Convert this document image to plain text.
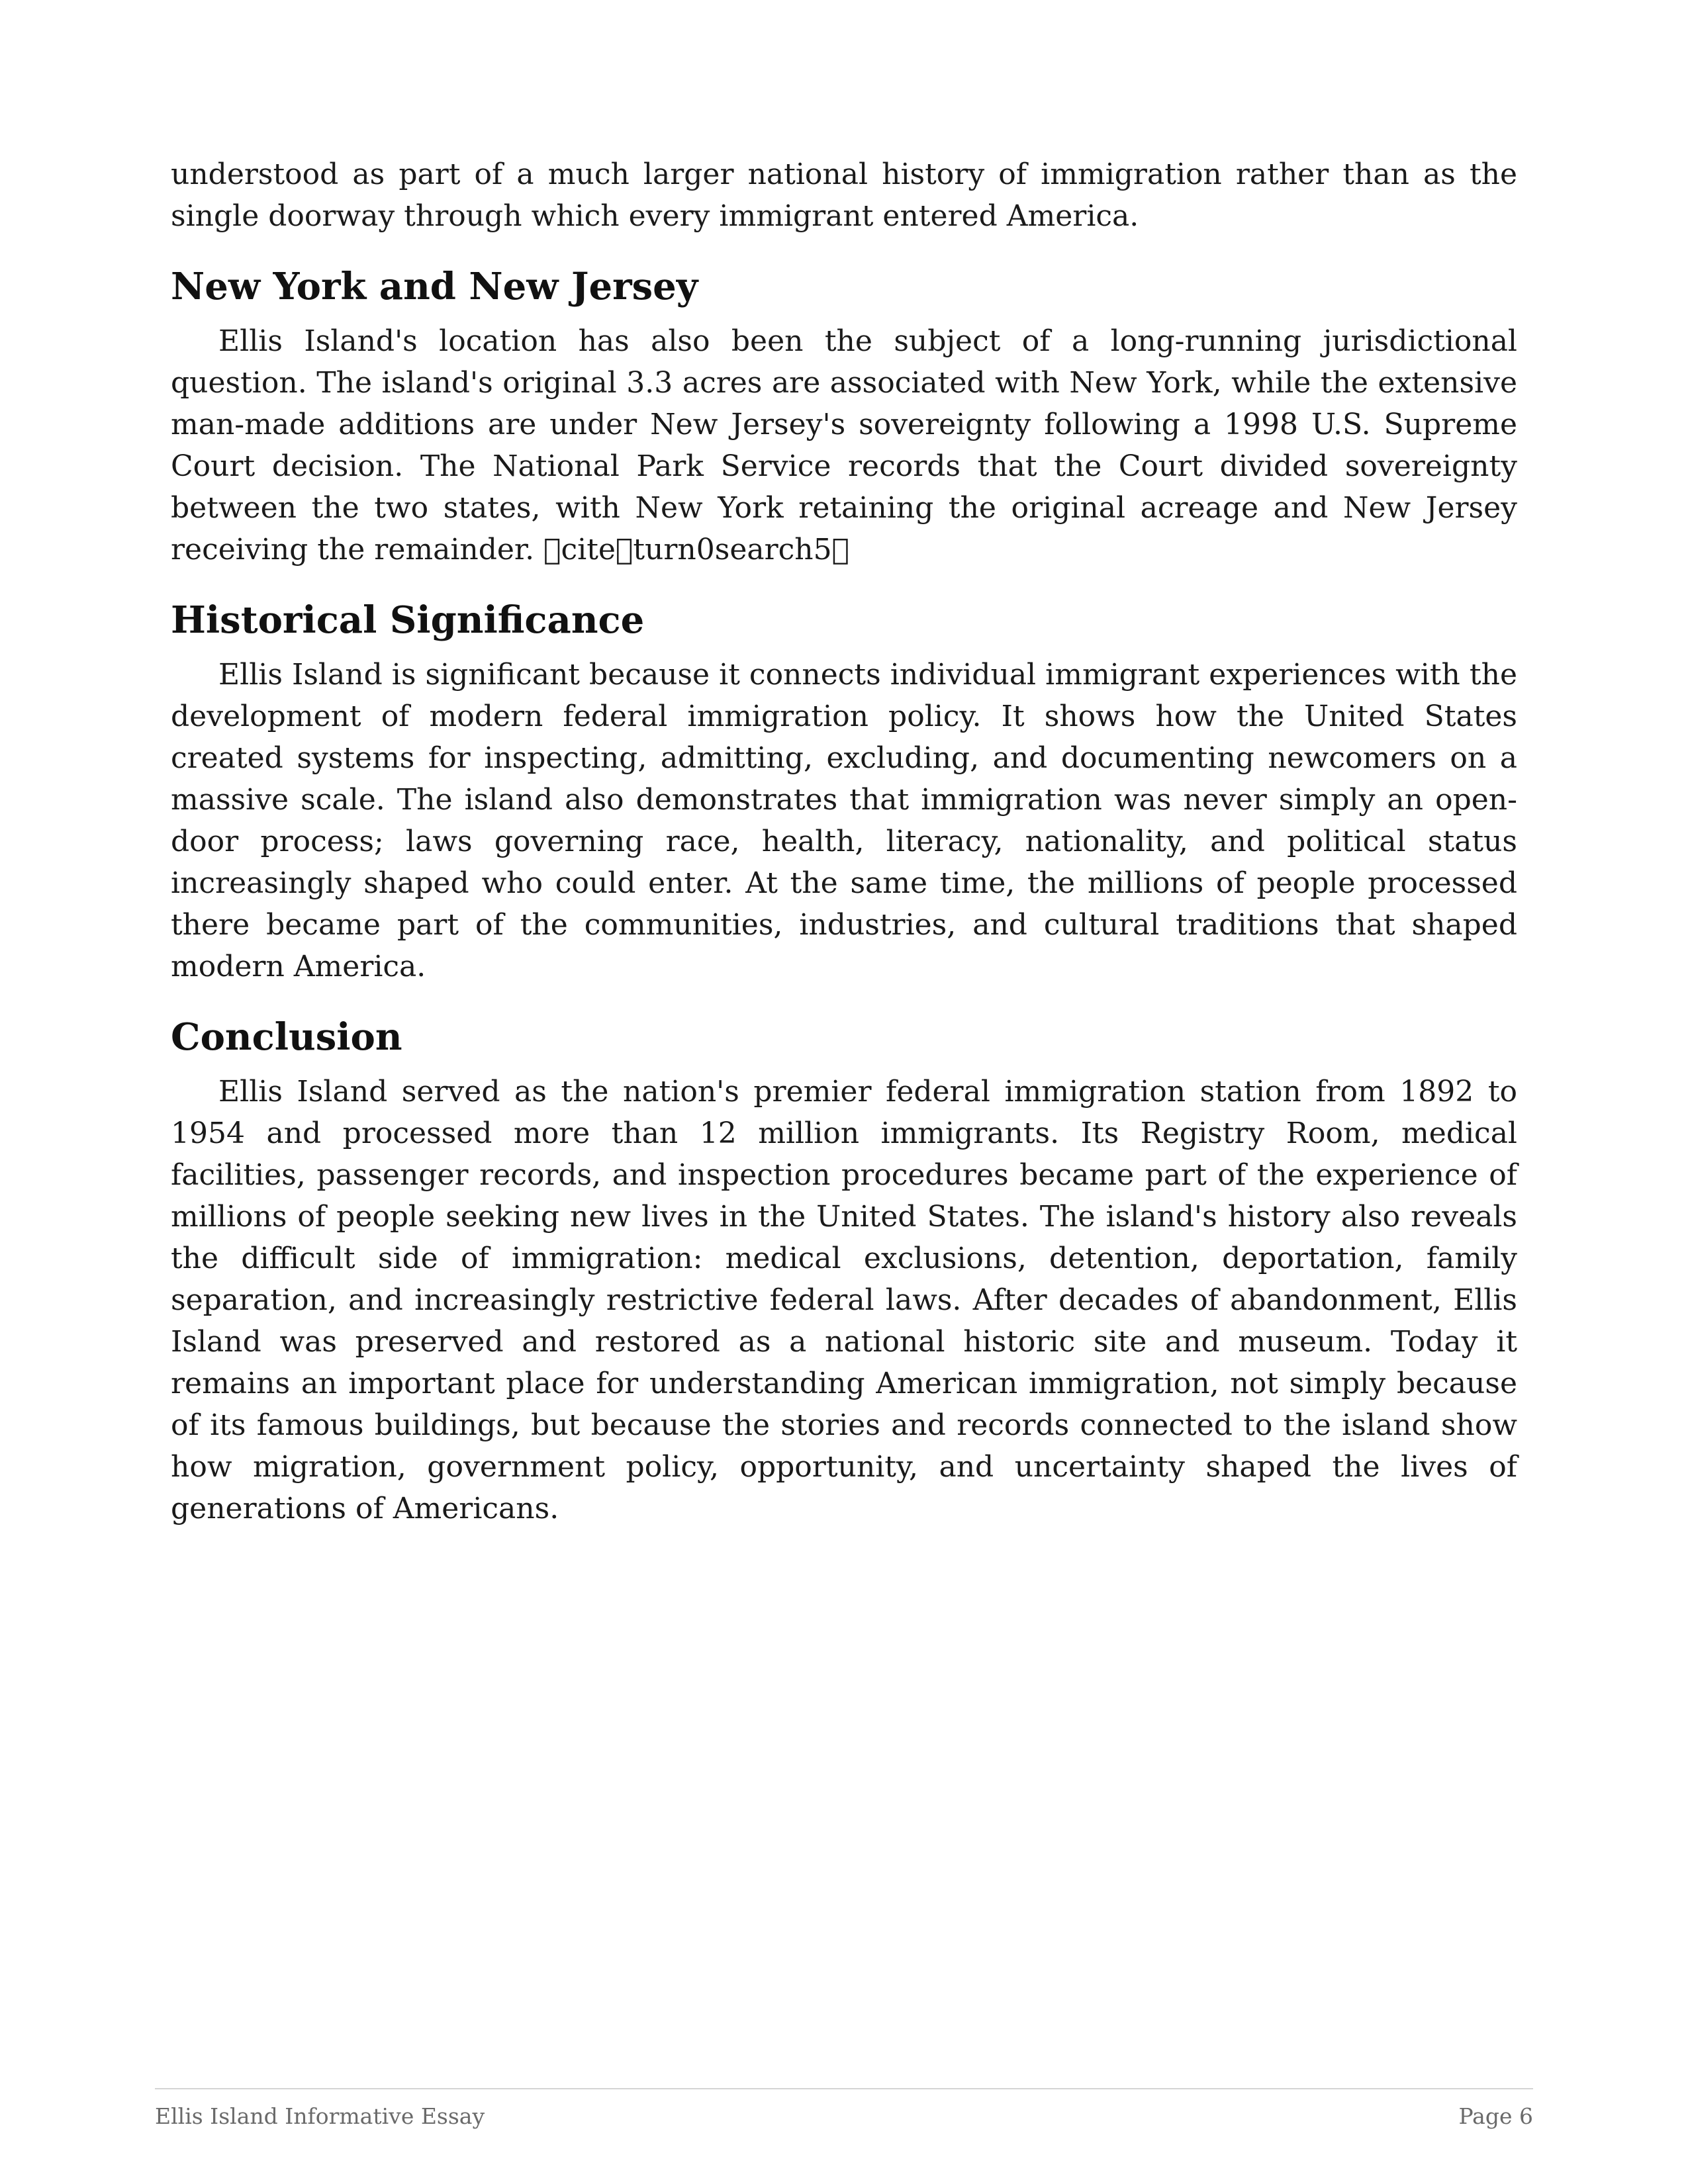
understood as part of a much larger national history of immigration rather than as the single doorway through which every immigrant entered America.

New York and New Jersey

Ellis Island's location has also been the subject of a long-running jurisdictional question. The island's original 3.3 acres are associated with New York, while the extensive man-made additions are under New Jersey's sovereignty following a 1998 U.S. Supreme Court decision. The National Park Service records that the Court divided sovereignty between the two states, with New York retaining the original acreage and New Jersey receiving the remainder. cite turn0search5

Historical Significance

Ellis Island is significant because it connects individual immigrant experiences with the development of modern federal immigration policy. It shows how the United States created systems for inspecting, admitting, excluding, and documenting newcomers on a massive scale. The island also demonstrates that immigration was never simply an open-door process; laws governing race, health, literacy, nationality, and political status increasingly shaped who could enter. At the same time, the millions of people processed there became part of the communities, industries, and cultural traditions that shaped modern America.

Conclusion

Ellis Island served as the nation's premier federal immigration station from 1892 to 1954 and processed more than 12 million immigrants. Its Registry Room, medical facilities, passenger records, and inspection procedures became part of the experience of millions of people seeking new lives in the United States. The island's history also reveals the difficult side of immigration: medical exclusions, detention, deportation, family separation, and increasingly restrictive federal laws. After decades of abandonment, Ellis Island was preserved and restored as a national historic site and museum. Today it remains an important place for understanding American immigration, not simply because of its famous buildings, but because the stories and records connected to the island show how migration, government policy, opportunity, and uncertainty shaped the lives of generations of Americans.

Ellis Island Informative Essay	Page 6
